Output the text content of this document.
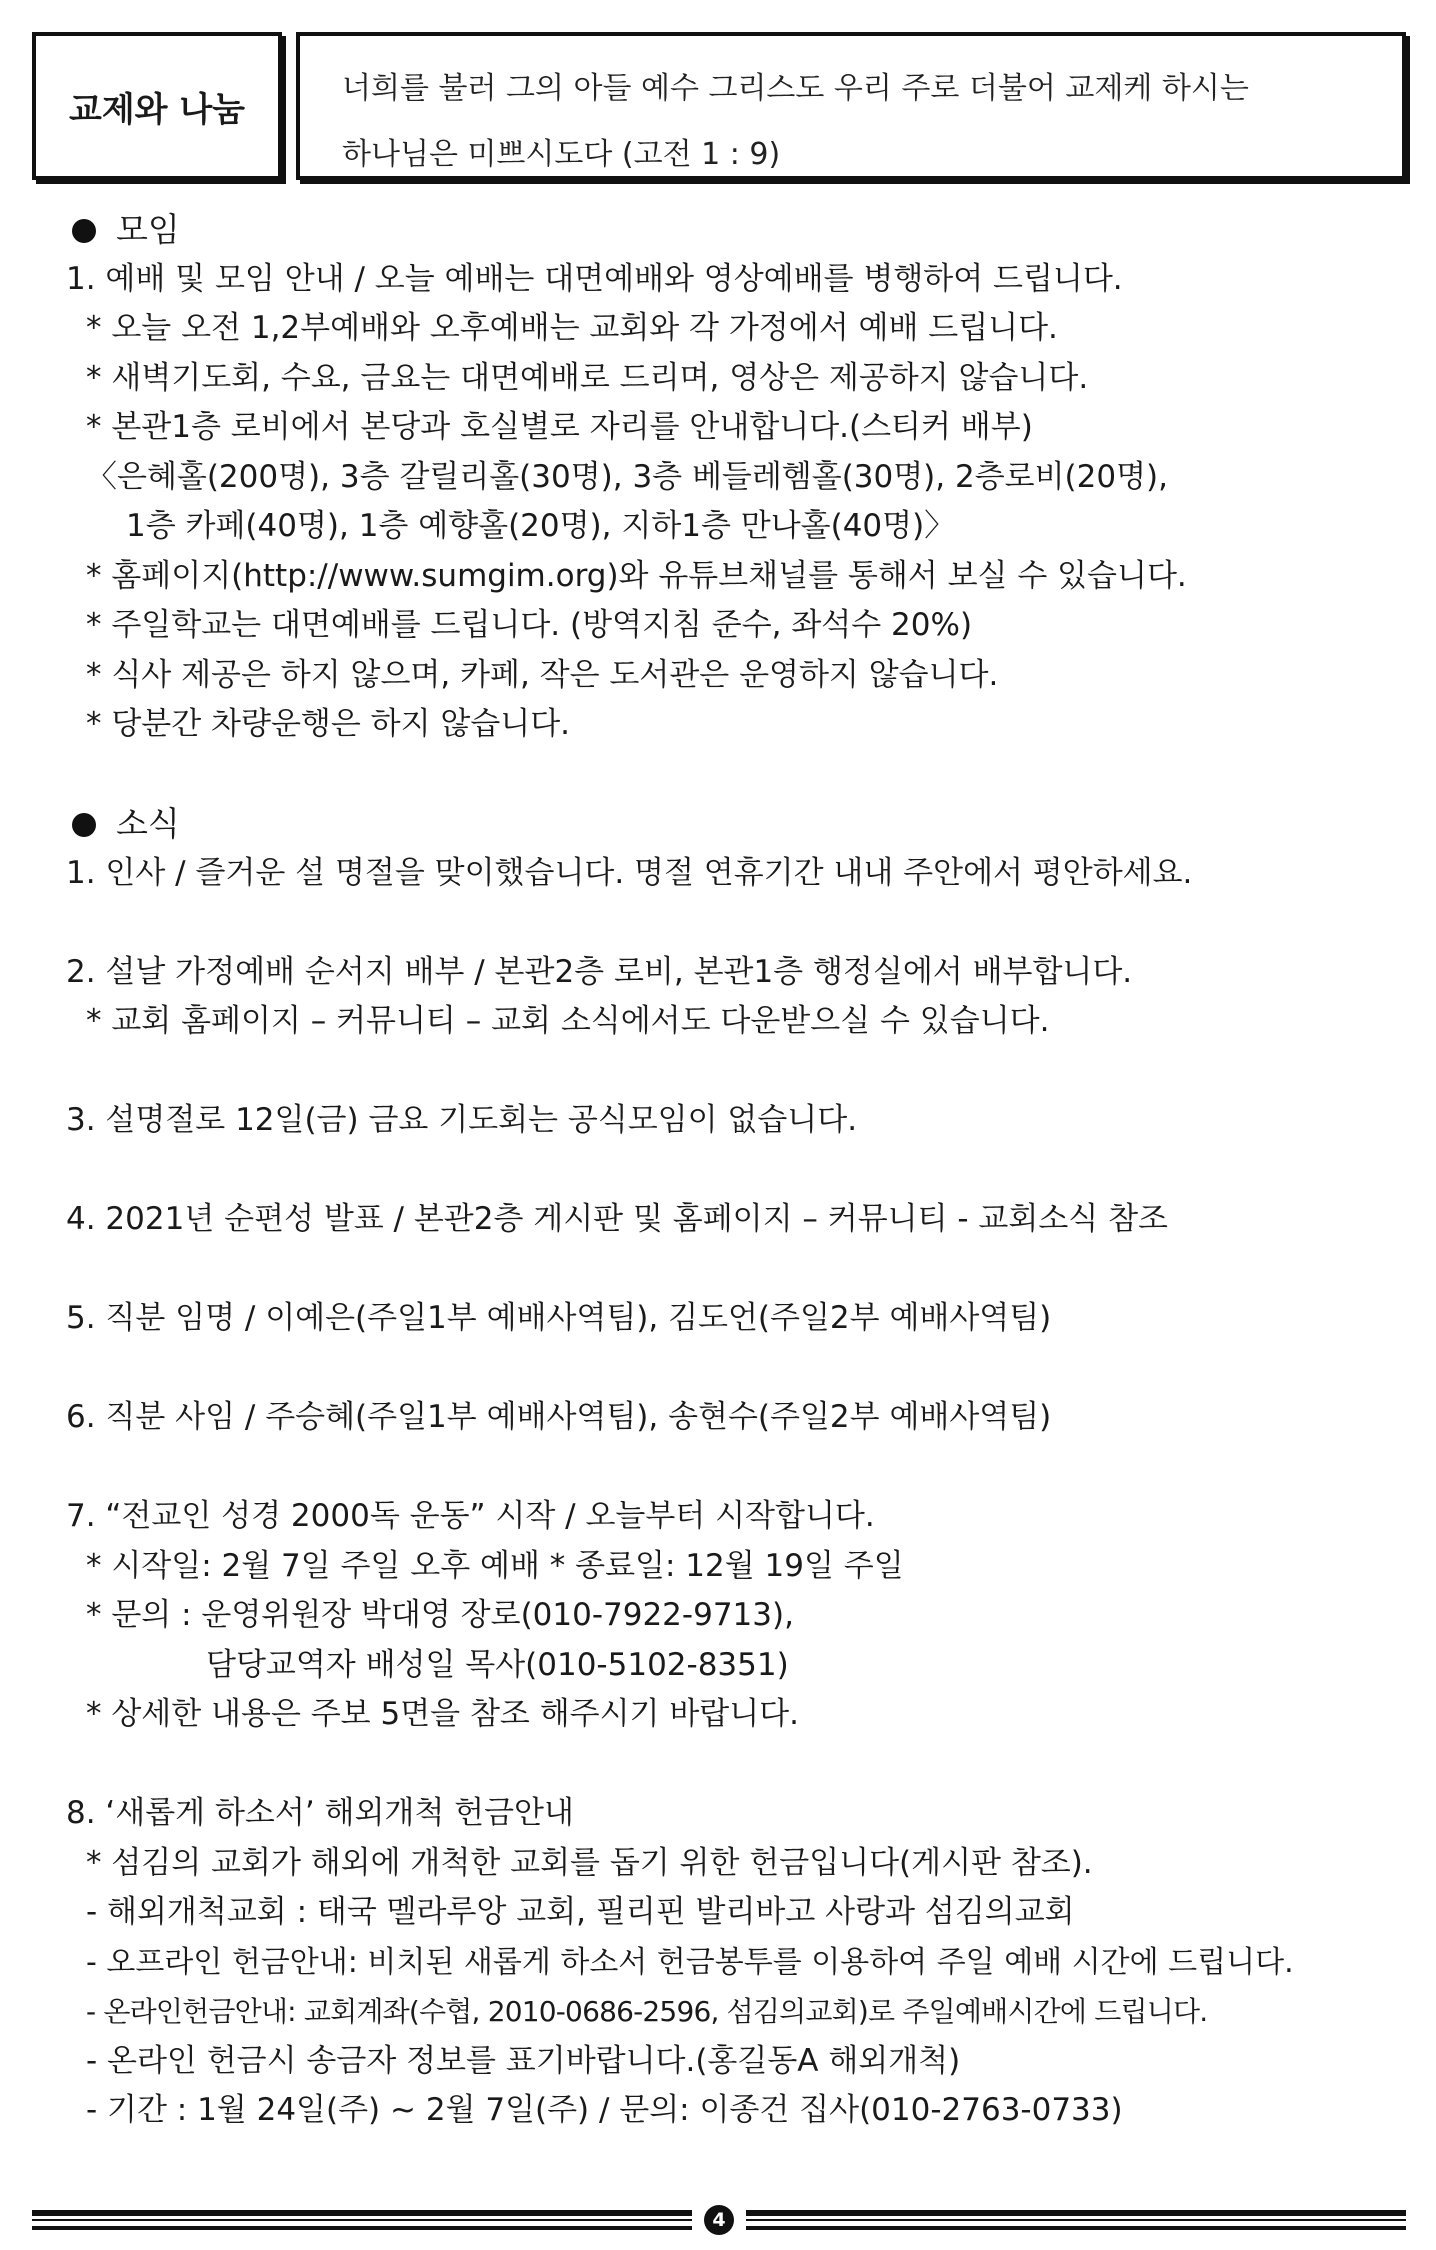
교제와 나눔
너희를 불러 그의 아들 예수 그리스도 우리 주로 더불어 교제케 하시는
하나님은 미쁘시도다 (고전 1 : 9)
모임
1. 예배 및 모임 안내 / 오늘 예배는 대면예배와 영상예배를 병행하여 드립니다.
* 오늘 오전 1,2부예배와 오후예배는 교회와 각 가정에서 예배 드립니다.
* 새벽기도회, 수요, 금요는 대면예배로 드리며, 영상은 제공하지 않습니다.
* 본관1층 로비에서 본당과 호실별로 자리를 안내합니다.(스티커 배부)
〈은혜홀(200명), 3층 갈릴리홀(30명), 3층 베들레헴홀(30명), 2층로비(20명),
1층 카페(40명), 1층 예향홀(20명), 지하1층 만나홀(40명)〉
* 홈페이지(http://www.sumgim.org)와 유튜브채널를 통해서 보실 수 있습니다.
* 주일학교는 대면예배를 드립니다. (방역지침 준수, 좌석수 20%)
* 식사 제공은 하지 않으며, 카페, 작은 도서관은 운영하지 않습니다.
* 당분간 차량운행은 하지 않습니다.
소식
1. 인사 / 즐거운 설 명절을 맞이했습니다. 명절 연휴기간 내내 주안에서 평안하세요.
2. 설날 가정예배 순서지 배부 / 본관2층 로비, 본관1층 행정실에서 배부합니다.
* 교회 홈페이지 – 커뮤니티 – 교회 소식에서도 다운받으실 수 있습니다.
3. 설명절로 12일(금) 금요 기도회는 공식모임이 없습니다.
4. 2021년 순편성 발표 / 본관2층 게시판 및 홈페이지 – 커뮤니티 - 교회소식 참조
5. 직분 임명 / 이예은(주일1부 예배사역팀), 김도언(주일2부 예배사역팀)
6. 직분 사임 / 주승혜(주일1부 예배사역팀), 송현수(주일2부 예배사역팀)
7. “전교인 성경 2000독 운동” 시작 / 오늘부터 시작합니다.
* 시작일: 2월 7일 주일 오후 예배 * 종료일: 12월 19일 주일
* 문의 : 운영위원장 박대영 장로(010-7922-9713),
담당교역자 배성일 목사(010-5102-8351)
* 상세한 내용은 주보 5면을 참조 해주시기 바랍니다.
8. ‘새롭게 하소서’ 해외개척 헌금안내
* 섬김의 교회가 해외에 개척한 교회를 돕기 위한 헌금입니다(게시판 참조).
- 해외개척교회 : 태국 멜라루앙 교회, 필리핀 발리바고 사랑과 섬김의교회
- 오프라인 헌금안내: 비치된 새롭게 하소서 헌금봉투를 이용하여 주일 예배 시간에 드립니다.
- 온라인헌금안내: 교회계좌(수협, 2010-0686-2596, 섬김의교회)로 주일예배시간에 드립니다.
- 온라인 헌금시 송금자 정보를 표기바랍니다.(홍길동A 해외개척)
- 기간 : 1월 24일(주) ~ 2월 7일(주) / 문의: 이종건 집사(010-2763-0733)
4
